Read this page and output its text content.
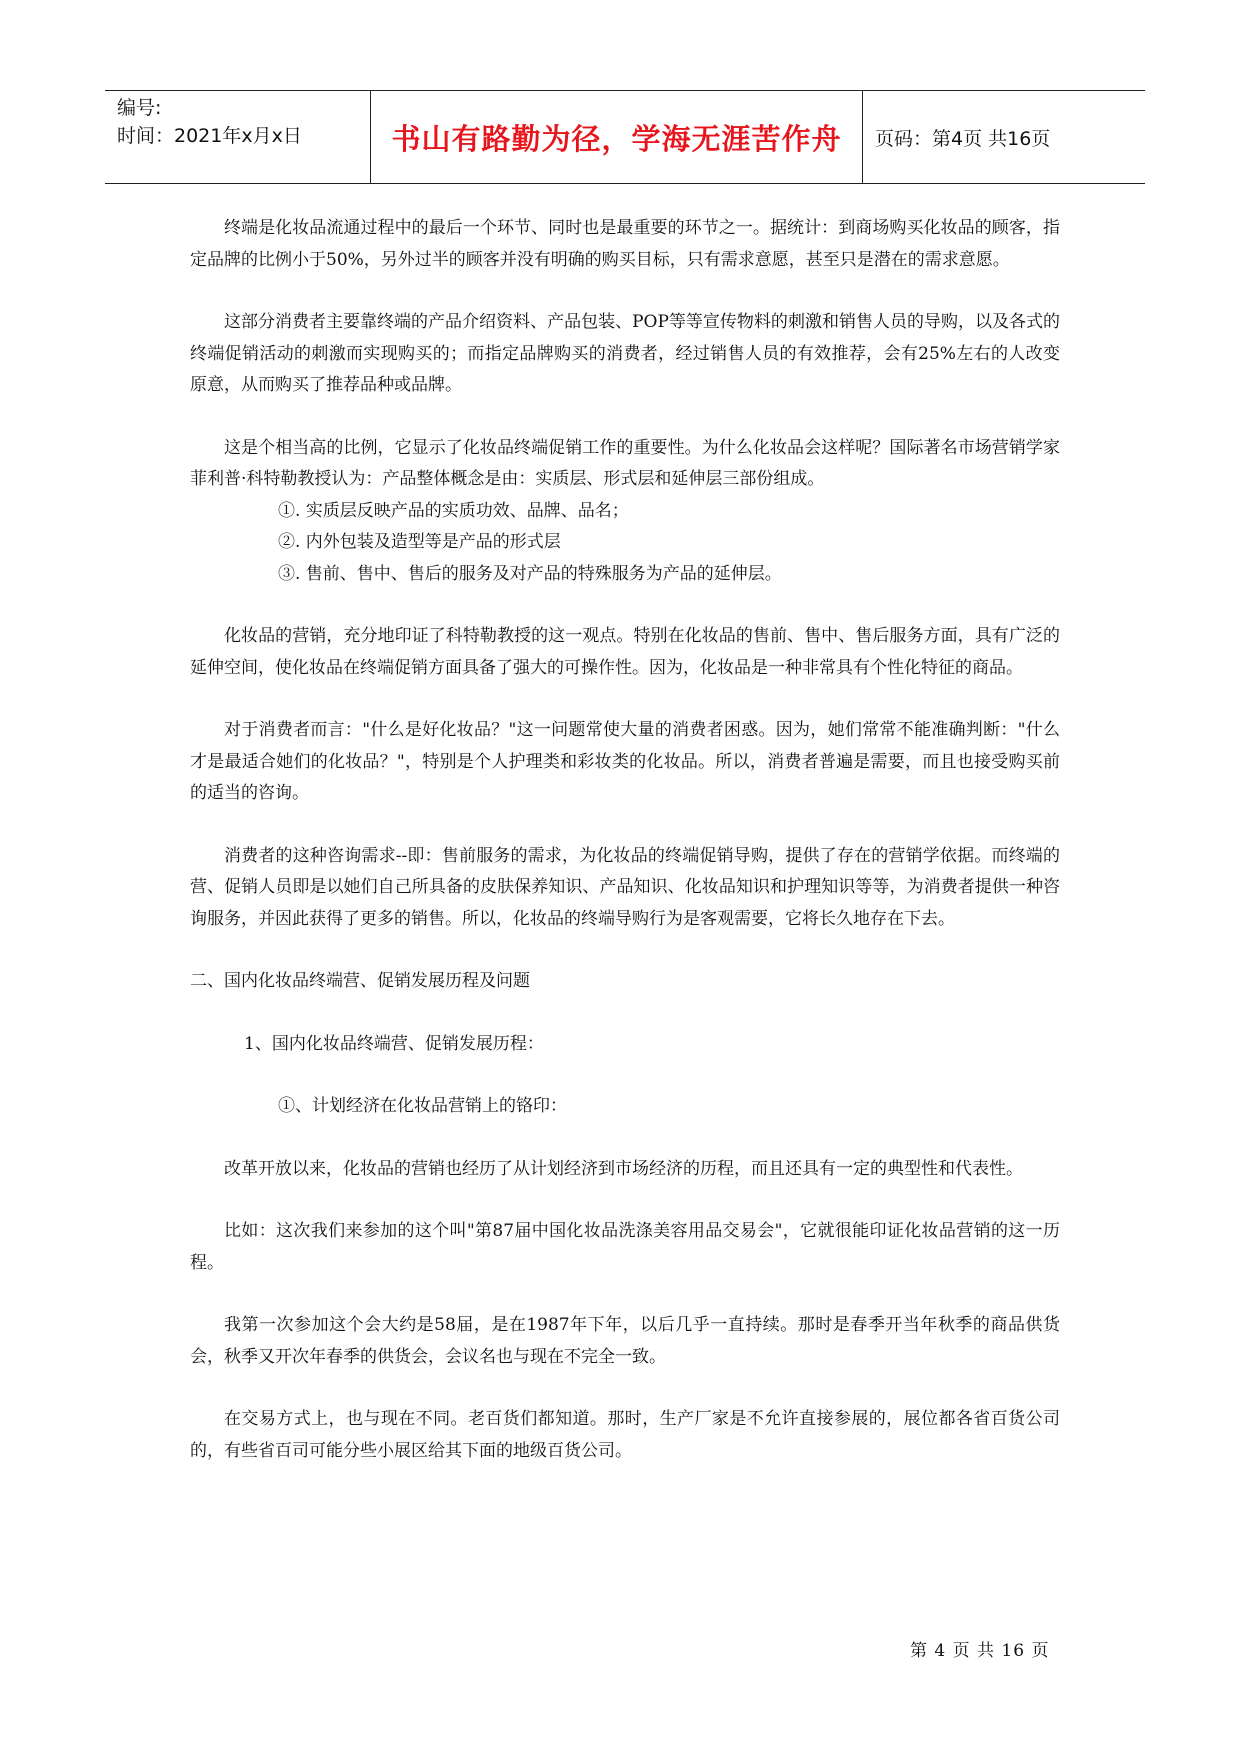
编号:
时间：2021年x月x日	书山有路勤为径，学海无涯苦作舟	页码：第4页 共16页

终端是化妆品流通过程中的最后一个环节、同时也是最重要的环节之一。据统计：到商场购买化妆品的顾客，指定品牌的比例小于50%，另外过半的顾客并没有明确的购买目标，只有需求意愿，甚至只是潜在的需求意愿。

这部分消费者主要靠终端的产品介绍资料、产品包装、POP等等宣传物料的刺激和销售人员的导购，以及各式的终端促销活动的刺激而实现购买的；而指定品牌购买的消费者，经过销售人员的有效推荐，会有25%左右的人改变原意，从而购买了推荐品种或品牌。

这是个相当高的比例，它显示了化妆品终端促销工作的重要性。为什么化妆品会这样呢？国际著名市场营销学家菲利普·科特勒教授认为：产品整体概念是由：实质层、形式层和延伸层三部份组成。

①. 实质层反映产品的实质功效、品牌、品名；

②. 内外包装及造型等是产品的形式层

③. 售前、售中、售后的服务及对产品的特殊服务为产品的延伸层。

化妆品的营销，充分地印证了科特勒教授的这一观点。特别在化妆品的售前、售中、售后服务方面，具有广泛的延伸空间，使化妆品在终端促销方面具备了强大的可操作性。因为，化妆品是一种非常具有个性化特征的商品。

对于消费者而言："什么是好化妆品？"这一问题常使大量的消费者困惑。因为，她们常常不能准确判断："什么才是最适合她们的化妆品？"，特别是个人护理类和彩妆类的化妆品。所以，消费者普遍是需要，而且也接受购买前的适当的咨询。

消费者的这种咨询需求--即：售前服务的需求，为化妆品的终端促销导购，提供了存在的营销学依据。而终端的营、促销人员即是以她们自己所具备的皮肤保养知识、产品知识、化妆品知识和护理知识等等，为消费者提供一种咨询服务，并因此获得了更多的销售。所以，化妆品的终端导购行为是客观需要，它将长久地存在下去。

二、国内化妆品终端营、促销发展历程及问题

1、国内化妆品终端营、促销发展历程：

①、计划经济在化妆品营销上的铬印：

改革开放以来，化妆品的营销也经历了从计划经济到市场经济的历程，而且还具有一定的典型性和代表性。

比如：这次我们来参加的这个叫"第87届中国化妆品洗涤美容用品交易会"，它就很能印证化妆品营销的这一历程。

我第一次参加这个会大约是58届，是在1987年下年，以后几乎一直持续。那时是春季开当年秋季的商品供货会，秋季又开次年春季的供货会，会议名也与现在不完全一致。

在交易方式上，也与现在不同。老百货们都知道。那时，生产厂家是不允许直接参展的，展位都各省百货公司的，有些省百司可能分些小展区给其下面的地级百货公司。

第 4 页 共 16 页
